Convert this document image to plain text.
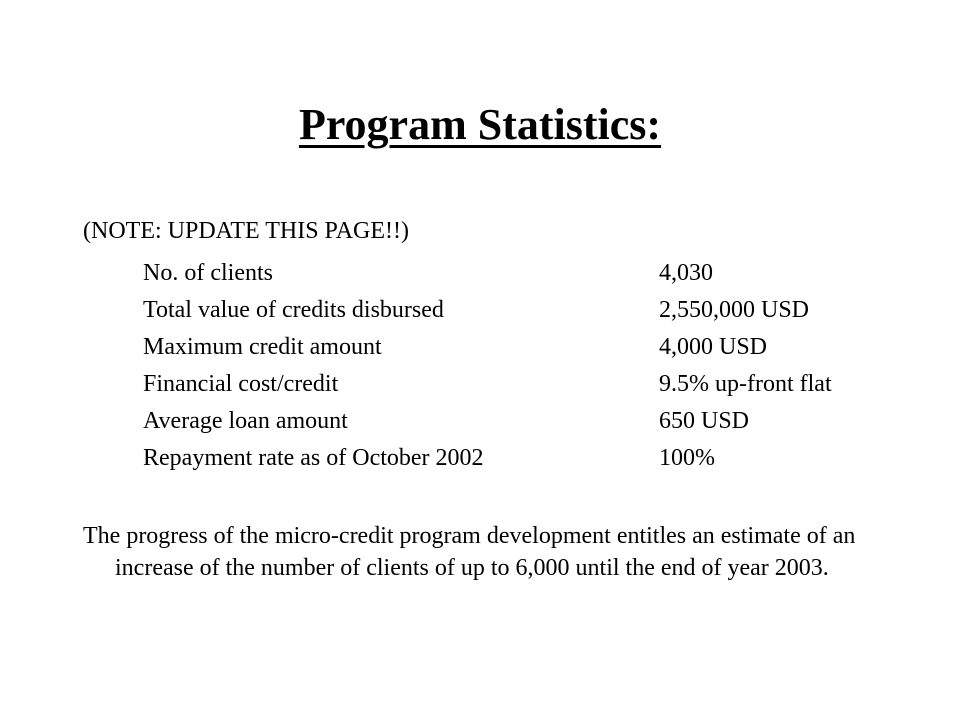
Program Statistics:
(NOTE: UPDATE THIS PAGE!!)
No. of clients	4,030
Total value of credits disbursed	2,550,000 USD
Maximum credit amount	4,000 USD
Financial cost/credit	9.5% up-front flat
Average loan amount	650 USD
Repayment rate as of October 2002	100%

The progress of the micro-credit program development entitles an estimate of an increase of the number of clients of up to 6,000 until the end of year 2003.
